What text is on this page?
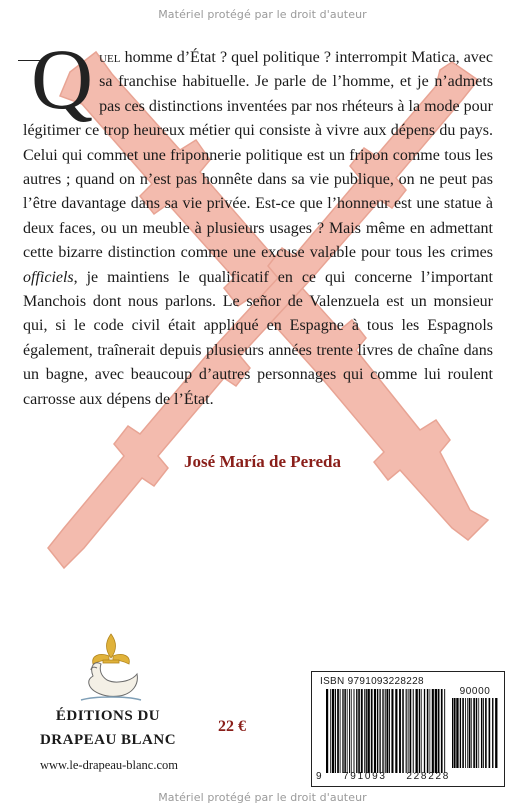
Matériel protégé par le droit d'auteur
Quel homme d’État ? quel politique ? interrompit Matica, avec sa franchise habituelle. Je parle de l’homme, et je n’admets pas ces distinctions inventées par nos rhéteurs à la mode pour légitimer ce trop heureux métier qui consiste à vivre aux dépens du pays. Celui qui commet une friponnerie politique est un fripon comme tous les autres ; quand on n’est pas honnête dans sa vie publique, on ne peut pas l’être davantage dans sa vie privée. Est-ce que l’honneur est une statue à deux faces, ou un meuble à plusieurs usages ? Mais même en admettant cette bizarre distinction comme une excuse valable pour tous les crimes officiels, je maintiens le qualificatif en ce qui concerne l’important Manchois dont nous parlons. Le señor de Valenzuela est un monsieur qui, si le code civil était appliqué en Espagne à tous les Espagnols également, traînerait depuis plusieurs années trente livres de chaîne dans un bagne, avec beaucoup d’autres personnages qui comme lui roulent carrosse aux dépens de l’État.
José María de Pereda
ÉDITIONS DU
DRAPEAU BLANC
www.le-drapeau-blanc.com
22 €
ISBN 9791093228228
90000
9 791093 228228
Matériel protégé par le droit d'auteur
